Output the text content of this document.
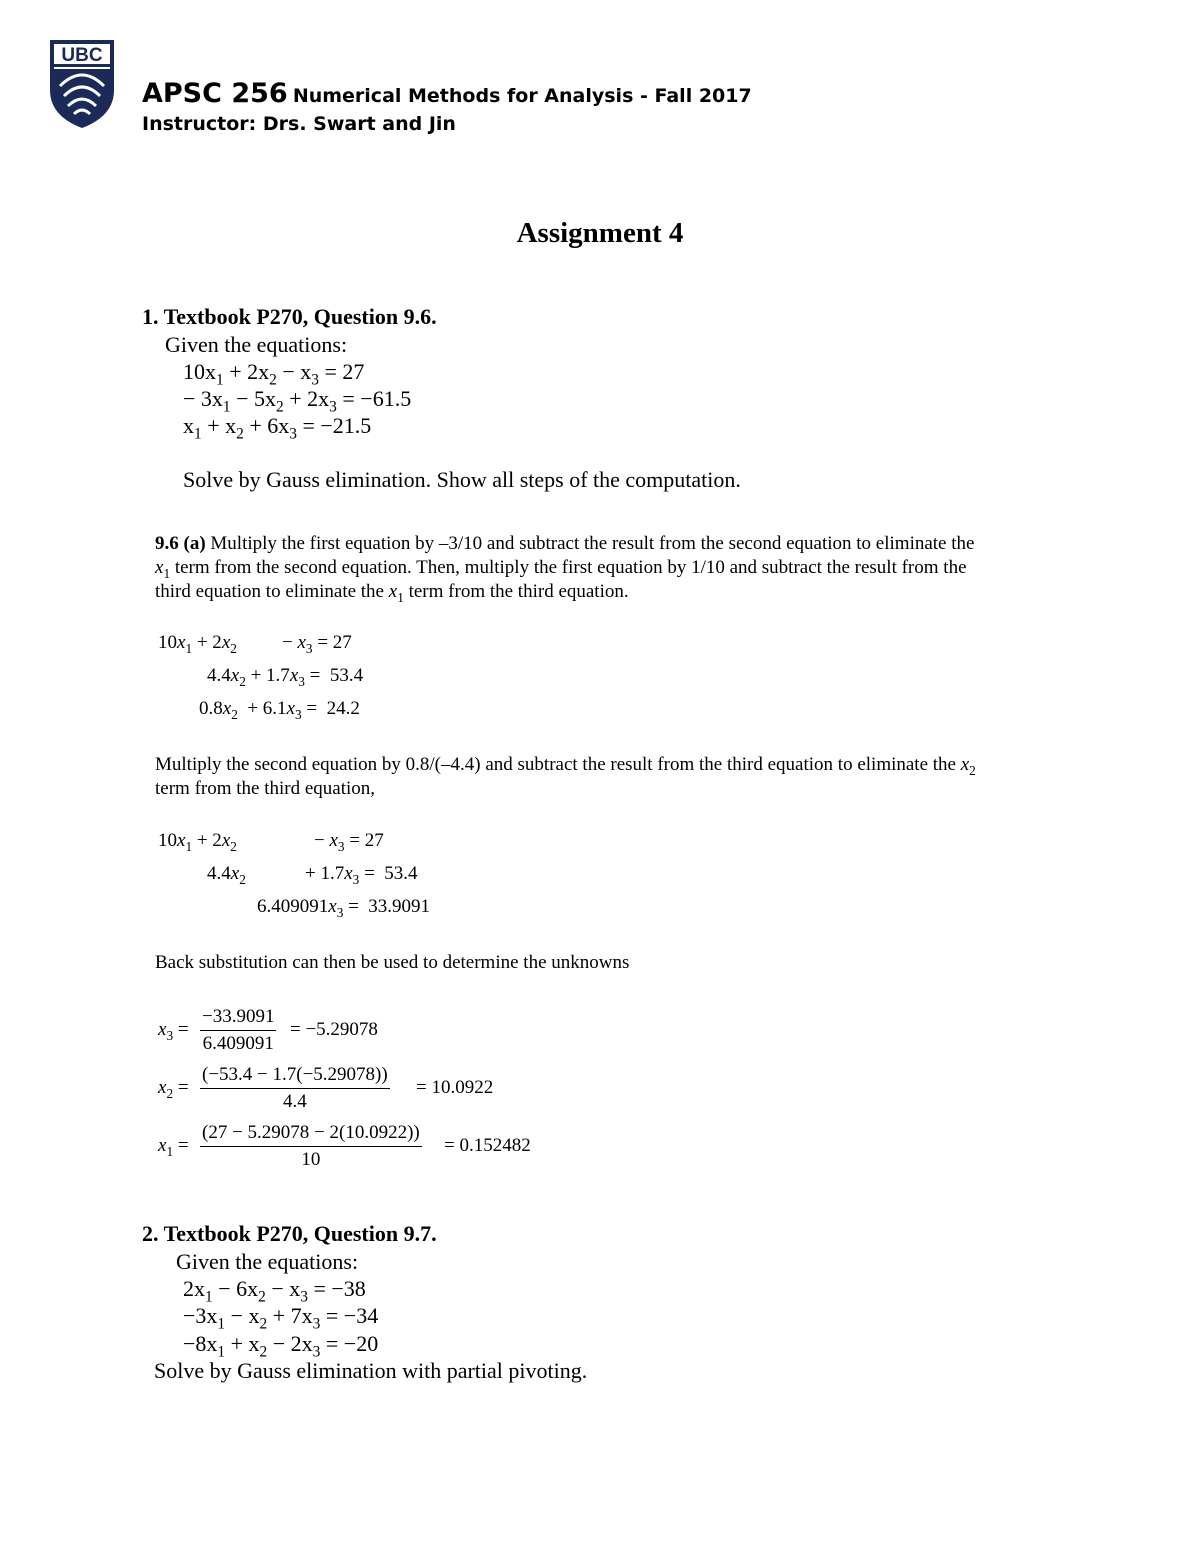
UBC
APSC 256 Numerical Methods for Analysis - Fall 2017
Instructor: Drs. Swart and Jin
Assignment 4
1. Textbook P270, Question 9.6.
Given the equations:
$10x_1 + 2x_2 - x_3 = 27$
− $3x_1 - 5x_2 + 2x_3 = -61.5$
$x_1 + x_2 + 6x_3 = -21.5$
Solve by Gauss elimination. Show all steps of the computation.
9.6 (a) Multiply the first equation by –3/10 and subtract the result from the second equation to eliminate the
$x_1$ term from the second equation. Then, multiply the first equation by 1/10 and subtract the result from the
third equation to eliminate the $x_1$ term from the third equation.
$10x_1 + 2x_2 - x_3 = 27$
$4.4x_2 + 1.7x_3 = 53.4$
$0.8x_2 + 6.1x_3 = 24.2$
Multiply the second equation by 0.8/(–4.4) and subtract the result from the third equation to eliminate the $x_2$
term from the third equation,
$10x_1 + 2x_2$	− $x_3 = 27$
$4.4x_2$	+ $1.7x_3 = 53.4$
$6.409091x_3 = 33.9091$
Back substitution can then be used to determine the unknowns
$x_3 = \frac{-33.9091}{6.409091} = -5.29078$
$x_2 = \frac{(-53.4 - 1.7(-5.29078))}{4.4} = 10.0922$
$x_1 = \frac{(27 - 5.29078 - 2(10.0922))}{10} = 0.152482$
2. Textbook P270, Question 9.7.
Given the equations:
$2x_1 - 6x_2 - x_3 = -38$
$-3x_1 - x_2 + 7x_3 = -34$
$-8x_1 + x_2 - 2x_3 = -20$
Solve by Gauss elimination with partial pivoting.
